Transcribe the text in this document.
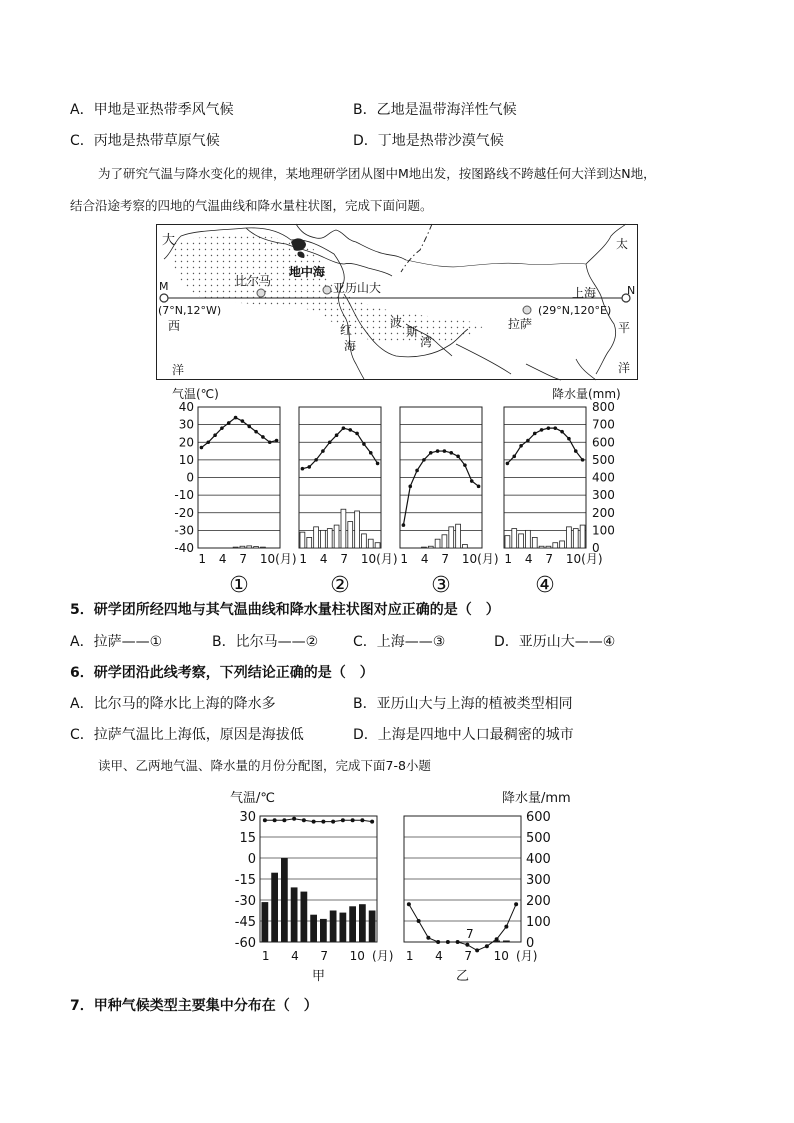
A．甲地是亚热带季风气候	B．乙地是温带海洋性气候
C．丙地是热带草原气候	D．丁地是热带沙漠气候
为了研究气温与降水变化的规律，某地理研学团从图中M地出发，按图路线不跨越任何大洋到达N地，
结合沿途考察的四地的气温曲线和降水量柱状图，完成下面问题。
大
西
洋
太
平
洋
M	N
(7°N,12°W)	(29°N,120°E)
比尔马
地中海
亚历山大	上海
拉萨
红
海
波
斯
湾
气温(℃)	降水量(mm)
40
30
20
10
0
-10
-20
-30
-40
800
700
600
500
400
300
200
100
0
1 4 7 10(月)
①
1 4 7 10(月)
②
1 4 7 10(月)
③
1 4 7 10(月)
④
5．研学团所经四地与其气温曲线和降水量柱状图对应正确的是（　）
A．拉萨——①	B．比尔马——② C．上海——③	D．亚历山大——④
6．研学团沿此线考察，下列结论正确的是（　）
A．比尔马的降水比上海的降水多	B．亚历山大与上海的植被类型相同
C．拉萨气温比上海低，原因是海拔低	D．上海是四地中人口最稠密的城市
读甲、乙两地气温、降水量的月份分配图，完成下面7-8小题
气温/℃	降水量/mm
30
15
0
-15
-30
-45
-60
600
500
400
300
200
100
0
1 4 7 10 (月)
甲
1 4 7 10 (月)
乙
7
7．甲种气候类型主要集中分布在（　）
